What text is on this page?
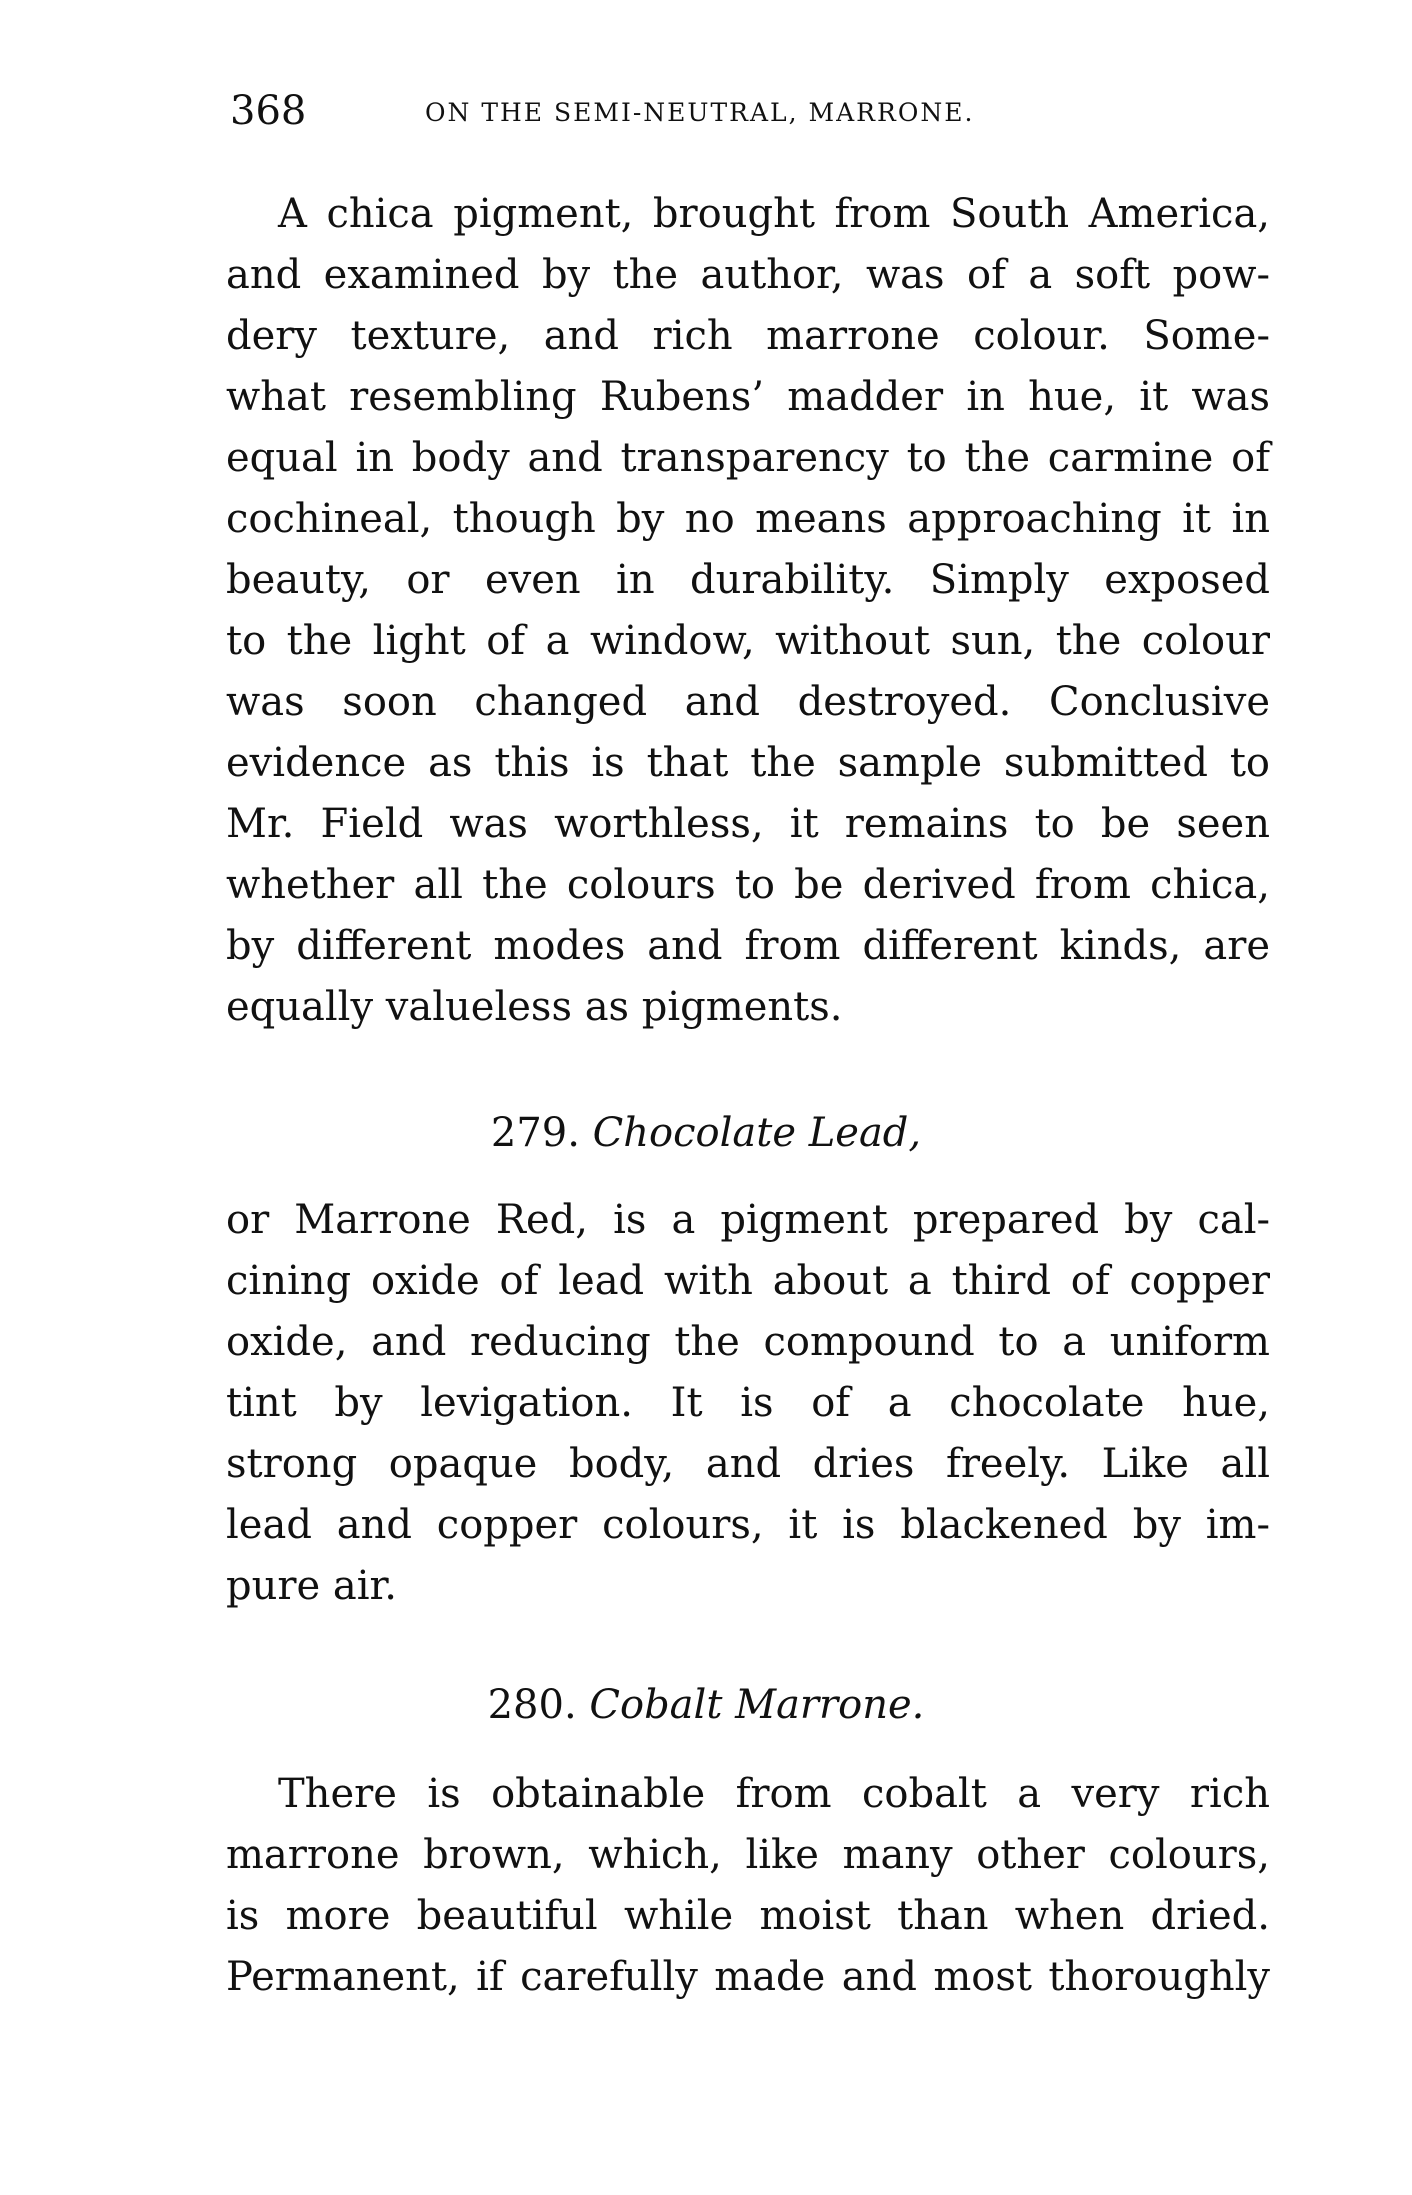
368	ON THE SEMI-NEUTRAL, MARRONE.
A chica pigment, brought from South America,
and examined by the author, was of a soft pow-
dery texture, and rich marrone colour. Some-
what resembling Rubens’ madder in hue, it was
equal in body and transparency to the carmine of
cochineal, though by no means approaching it in
beauty, or even in durability. Simply exposed
to the light of a window, without sun, the colour
was soon changed and destroyed. Conclusive
evidence as this is that the sample submitted to
Mr. Field was worthless, it remains to be seen
whether all the colours to be derived from chica,
by different modes and from different kinds, are
equally valueless as pigments.
279. Chocolate Lead,
or Marrone Red, is a pigment prepared by cal-
cining oxide of lead with about a third of copper
oxide, and reducing the compound to a uniform
tint by levigation. It is of a chocolate hue,
strong opaque body, and dries freely. Like all
lead and copper colours, it is blackened by im-
pure air.
280. Cobalt Marrone.
There is obtainable from cobalt a very rich
marrone brown, which, like many other colours,
is more beautiful while moist than when dried.
Permanent, if carefully made and most thoroughly
